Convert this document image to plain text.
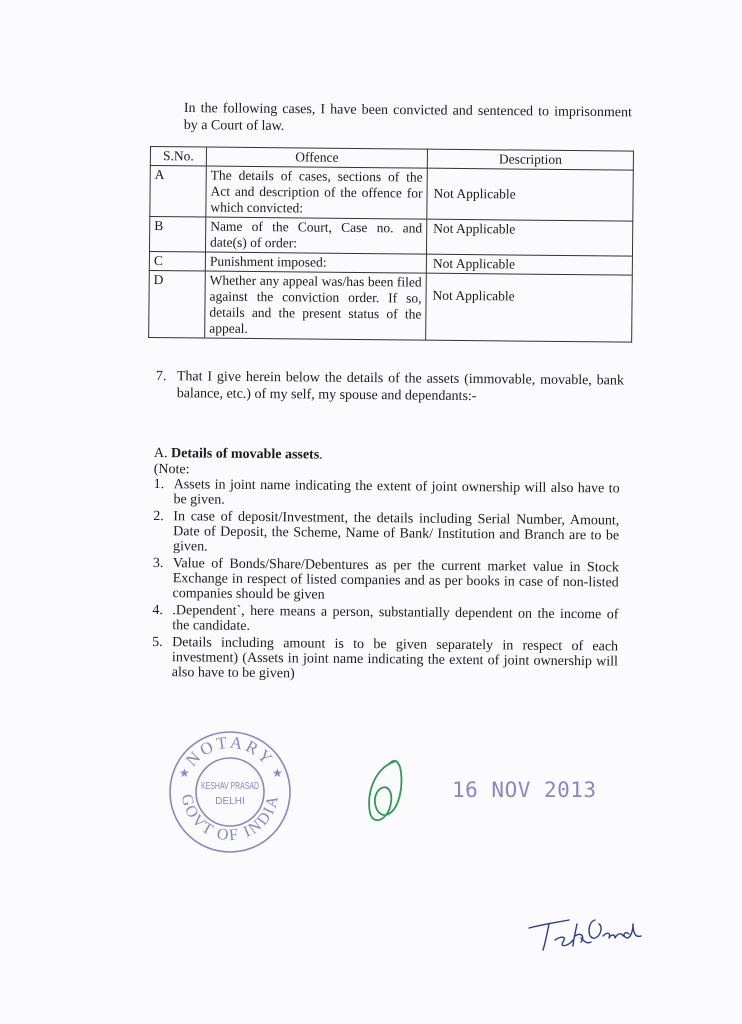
In the following cases, I have been convicted and sentenced to imprisonment by a Court of law.

S.No.	Offence	Description
A	The details of cases, sections of the Act and description of the offence for which convicted:	Not Applicable
B	Name of the Court, Case no. and date(s) of order:	Not Applicable
C	Punishment imposed:	Not Applicable
D	Whether any appeal was/has been filed against the conviction order. If so, details and the present status of the appeal.	Not Applicable
7. That I give herein below the details of the assets (immovable, movable, bank balance, etc.) of my self, my spouse and dependants:-
A. Details of movable assets.
(Note:
1. Assets in joint name indicating the extent of joint ownership will also have to be given.
2. In case of deposit/Investment, the details including Serial Number, Amount, Date of Deposit, the Scheme, Name of Bank/ Institution and Branch are to be given.
3. Value of Bonds/Share/Debentures as per the current market value in Stock Exchange in respect of listed companies and as per books in case of non-listed companies should be given
4. .Dependent`, here means a person, substantially dependent on the income of the candidate.
5. Details including amount is to be given separately in respect of each investment) (Assets in joint name indicating the extent of joint ownership will also have to be given)
NOTARY
GOVT OF INDIA
★	★
KESHAV PRASAD
DELHI	16 NOV 2013
